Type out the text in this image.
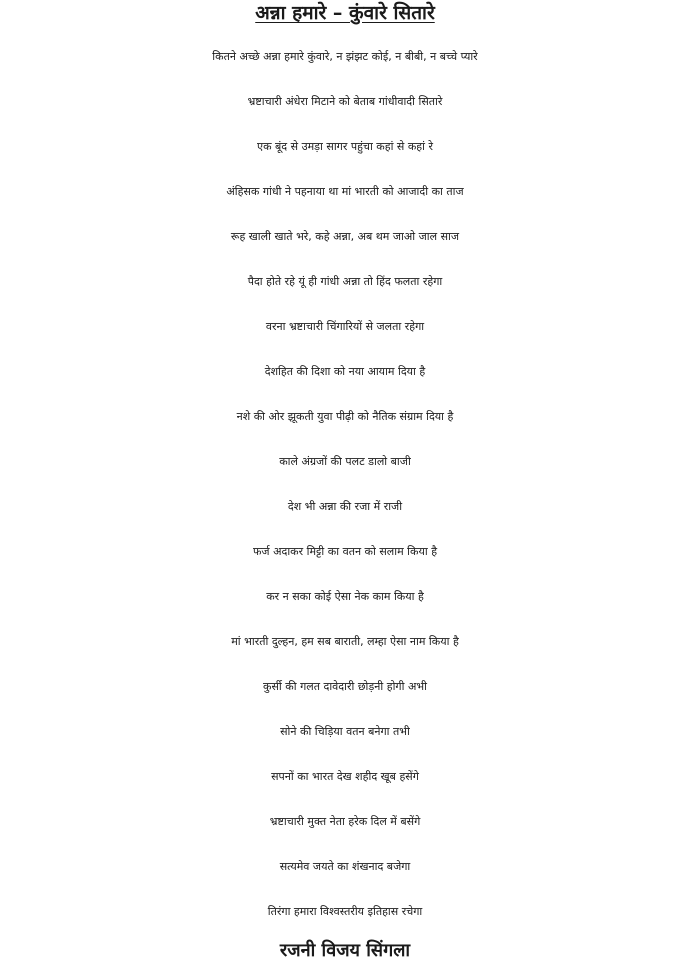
अन्ना हमारे – कुंवारे सितारे
कितने अच्छे अन्ना हमारे कुंवारे, न झंझट कोई, न बीबी, न बच्चे प्यारे
भ्रष्टाचारी अंधेरा मिटाने को बेताब गांधीवादी सितारे
एक बूंद से उमड़ा सागर पहुंचा कहां से कहां रे
अंहिसक गांधी ने पहनाया था मां भारती को आजादी का ताज
रूह खाली खाते भरे, कहे अन्ना, अब थम जाओ जाल साज
पैदा होते रहे यूं ही गांधी अन्ना तो हिंद फलता रहेगा
वरना भ्रष्टाचारी चिंगारियों से जलता रहेगा
देशहित की दिशा को नया आयाम दिया है
नशे की ओर झूकती युवा पीढ़ी को नैतिक संग्राम दिया है
काले अंग्रजों की पलट डालो बाजी
देश भी अन्ना की रजा में राजी
फर्ज अदाकर मिट्टी का वतन को सलाम किया है
कर न सका कोई ऐसा नेक काम किया है
मां भारती दुल्हन, हम सब बाराती, लम्हा ऐसा नाम किया है
कुर्सी की गलत दावेदारी छोड़नी होगी अभी
सोने की चिड़िया वतन बनेगा तभी
सपनों का भारत देख शहीद खूब हसेंगे
भ्रष्टाचारी मुक्त नेता हरेक दिल में बसेंगे
सत्यमेव जयते का शंखनाद बजेगा
तिरंगा हमारा विश्वस्तरीय इतिहास रचेगा
रजनी विजय सिंगला
